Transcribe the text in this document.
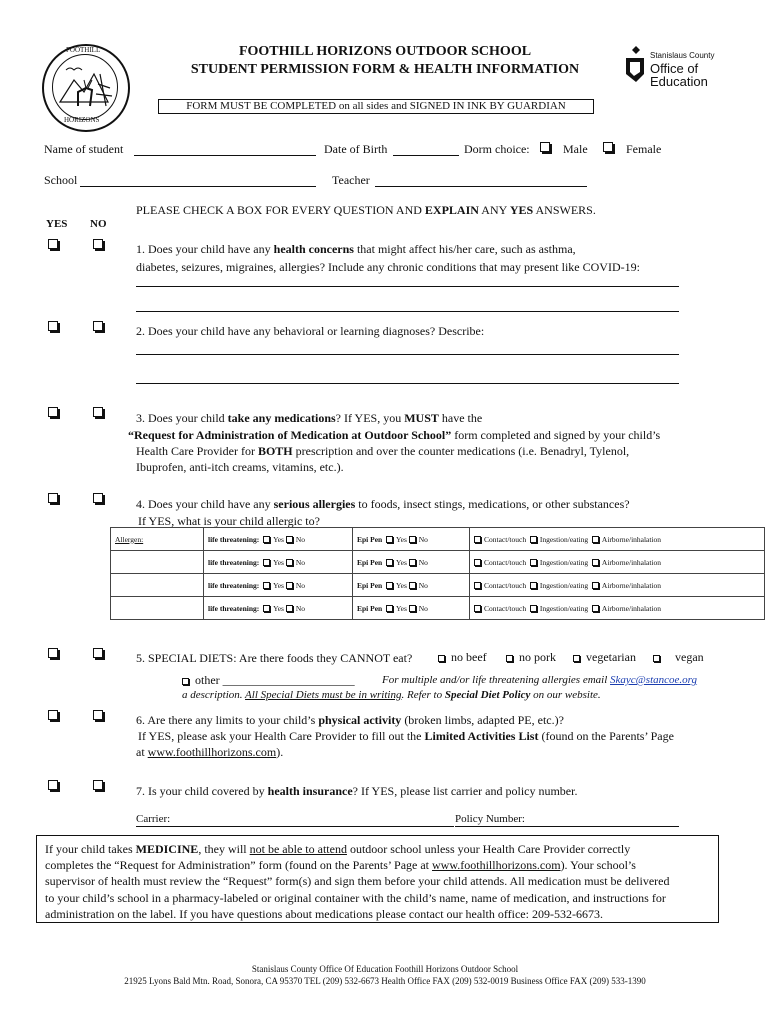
FOOTHILL
HORIZONS
FOOTHILL HORIZONS OUTDOOR SCHOOL
STUDENT PERMISSION FORM & HEALTH INFORMATION
FORM MUST BE COMPLETED on all sides and SIGNED IN INK BY GUARDIAN
Stanislaus County
Office of
Education
Name of student	Date of Birth	Dorm choice:	Male	Female
School	Teacher
PLEASE CHECK A BOX FOR EVERY QUESTION AND EXPLAIN ANY YES ANSWERS.
YES NO
1. Does your child have any health concerns that might affect his/her care, such as asthma,
diabetes, seizures, migraines, allergies? Include any chronic conditions that may present like COVID-19:
2. Does your child have any behavioral or learning diagnoses? Describe:
3. Does your child take any medications? If YES, you MUST have the
“Request for Administration of Medication at Outdoor School” form completed and signed by your child’s
Health Care Provider for BOTH prescription and over the counter medications (i.e. Benadryl, Tylenol,
Ibuprofen, anti-itch creams, vitamins, etc.).
4. Does your child have any serious allergies to foods, insect stings, medications, or other substances?
If YES, what is your child allergic to?
Allergen:	life threatening: Yes No	Epi Pen Yes No	Contact/touch Ingestion/eating Airborne/inhalation
	life threatening: Yes No	Epi Pen Yes No	Contact/touch Ingestion/eating Airborne/inhalation
	life threatening: Yes No	Epi Pen Yes No	Contact/touch Ingestion/eating Airborne/inhalation
	life threatening: Yes No	Epi Pen Yes No	Contact/touch Ingestion/eating Airborne/inhalation
5. SPECIAL DIETS: Are there foods they CANNOT eat?	no beef	no pork	vegetarian	vegan
other ______________________ For multiple and/or life threatening allergies email Skayc@stancoe.org
a description. All Special Diets must be in writing. Refer to Special Diet Policy on our website.
6. Are there any limits to your child’s physical activity (broken limbs, adapted PE, etc.)?
If YES, please ask your Health Care Provider to fill out the Limited Activities List (found on the Parents’ Page
at www.foothillhorizons.com).
7. Is your child covered by health insurance? If YES, please list carrier and policy number.
Carrier:	Policy Number:
If your child takes MEDICINE, they will not be able to attend outdoor school unless your Health Care Provider correctly
completes the “Request for Administration” form (found on the Parents’ Page at www.foothillhorizons.com). Your school’s
supervisor of health must review the “Request” form(s) and sign them before your child attends. All medication must be delivered
to your child’s school in a pharmacy-labeled or original container with the child’s name, name of medication, and instructions for
administration on the label. If you have questions about medications please contact our health office: 209-532-6673.
Stanislaus County Office Of Education Foothill Horizons Outdoor School
21925 Lyons Bald Mtn. Road, Sonora, CA 95370 TEL (209) 532-6673 Health Office FAX (209) 532-0019 Business Office FAX (209) 533-1390
